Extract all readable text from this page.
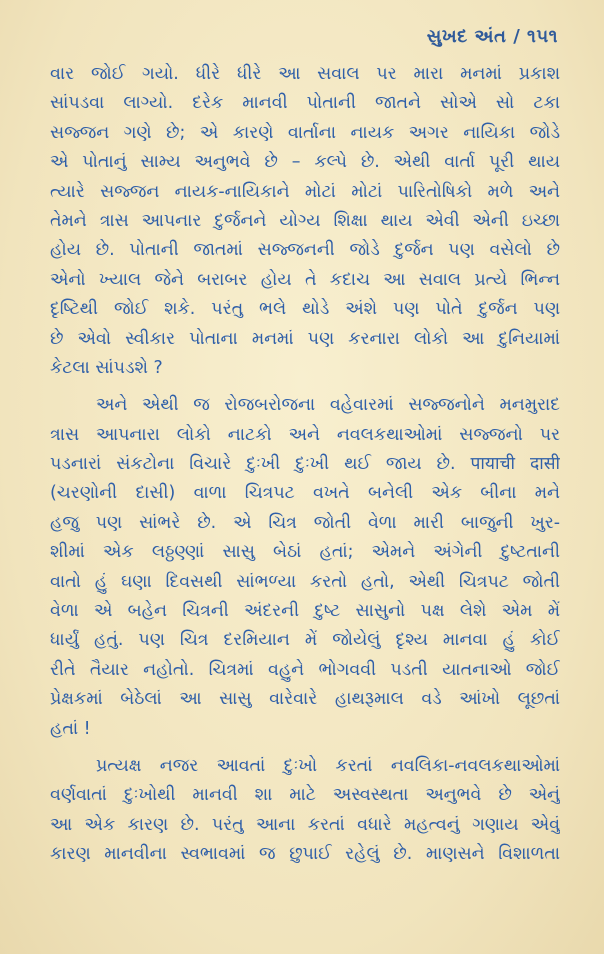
સુખદ અંત / ૧૫૧
વાર જોઈ ગયો. ધીરે ધીરે આ સવાલ પર મારા મનમાં પ્રકાશ
સાંપડવા લાગ્યો. દરેક માનવી પોતાની જાતને સોએ સો ટકા
સજ્જન ગણે છે; એ કારણે વાર્તાના નાયક અગર નાયિકા જોડે
એ પોતાનું સામ્ય અનુભવે છે – કલ્પે છે. એથી વાર્તા પૂરી થાય
ત્યારે સજ્જન નાયક-નાયિકાને મોટાં મોટાં પારિતોષિકો મળે અને
તેમને ત્રાસ આપનાર દુર્જનને યોગ્ય શિક્ષા થાય એવી એની ઇચ્છા
હોય છે. પોતાની જાતમાં સજ્જનની જોડે દુર્જન પણ વસેલો છે
એનો ખ્યાલ જેને બરાબર હોય તે કદાચ આ સવાલ પ્રત્યે ભિન્ન
દૃષ્ટિથી જોઈ શકે. પરંતુ ભલે થોડે અંશે પણ પોતે દુર્જન પણ
છે એવો સ્વીકાર પોતાના મનમાં પણ કરનારા લોકો આ દુનિયામાં
કેટલા સાંપડશે ?
અને એથી જ રોજબરોજના વહેવારમાં સજ્જનોને મનમુરાદ
ત્રાસ આપનારા લોકો નાટકો અને નવલકથાઓમાં સજ્જનો પર
પડનારાં સંકટોના વિચારે દુઃખી દુઃખી થઈ જાય છે. पायाची दासी
(ચરણોની દાસી) વાળા ચિત્રપટ વખતે બનેલી એક બીના મને
હજુ પણ સાંભરે છે. એ ચિત્ર જોતી વેળા મારી બાજુની ખુર-
શીમાં એક લઠ્ઠણ્ણાં સાસુ બેઠાં હતાં; એમને અંગેની દુષ્ટતાની
વાતો હું ઘણા દિવસથી સાંભળ્યા કરતો હતો, એથી ચિત્રપટ જોતી
વેળા એ બહેન ચિત્રની અંદરની દુષ્ટ સાસુનો પક્ષ લેશે એમ મેં
ધાર્યું હતું. પણ ચિત્ર દરમિયાન મેં જોયેલું દૃશ્ય માનવા હું કોઈ
રીતે તૈયાર નહોતો. ચિત્રમાં વહુને ભોગવવી પડતી યાતનાઓ જોઈ
પ્રેક્ષકમાં બેઠેલાં આ સાસુ વારેવારે હાથરૂમાલ વડે આંખો લૂછતાં
હતાં !
પ્રત્યક્ષ નજર આવતાં દુઃખો કરતાં નવલિકા-નવલકથાઓમાં
વર્ણવાતાં દુઃખોથી માનવી શા માટે અસ્વસ્થતા અનુભવે છે એનું
આ એક કારણ છે. પરંતુ આના કરતાં વધારે મહત્વનું ગણાય એવું
કારણ માનવીના સ્વભાવમાં જ છુપાઈ રહેલું છે. માણસને વિશાળતા
